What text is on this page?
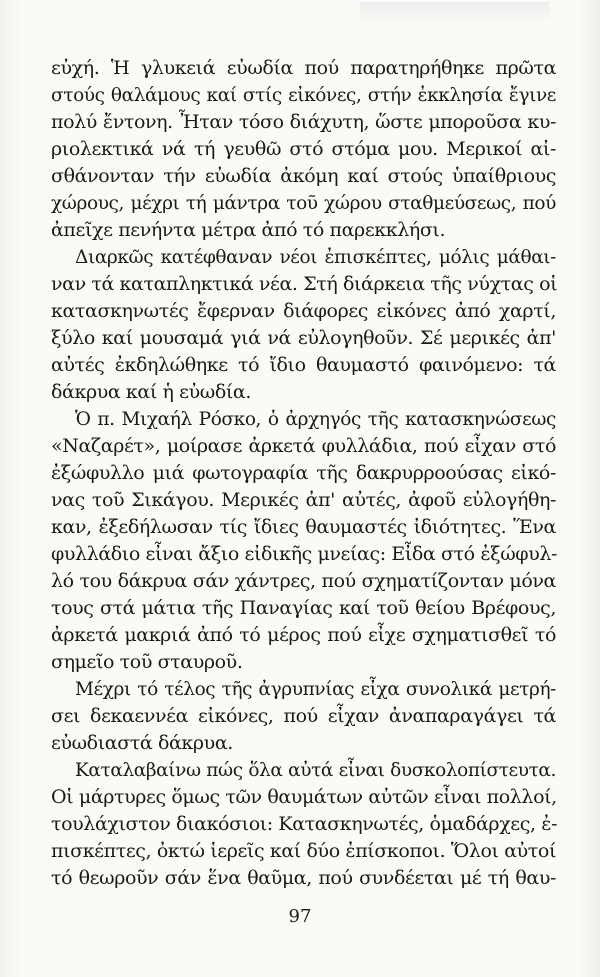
εὐχή. Ἡ γλυκειά εὐωδία πού παρατηρήθηκε πρῶτα
στούς θαλάμους καί στίς εἰκόνες, στήν ἐκκλησία ἔγινε
πολύ ἔντονη. Ἦταν τόσο διάχυτη, ὥστε μποροῦσα κυ-
ριολεκτικά νά τή γευθῶ στό στόμα μου. Μερικοί αἰ-
σθάνονταν τήν εὐωδία ἀκόμη καί στούς ὑπαίθριους
χώρους, μέχρι τή μάντρα τοῦ χώρου σταθμεύσεως, πού
ἀπεῖχε πενήντα μέτρα ἀπό τό παρεκκλήσι.
Διαρκῶς κατέφθαναν νέοι ἐπισκέπτες, μόλις μάθαι-
ναν τά καταπληκτικά νέα. Στή διάρκεια τῆς νύχτας οἱ
κατασκηνωτές ἔφερναν διάφορες εἰκόνες ἀπό χαρτί,
ξύλο καί μουσαμά γιά νά εὐλογηθοῦν. Σέ μερικές ἀπ'
αὐτές ἐκδηλώθηκε τό ἴδιο θαυμαστό φαινόμενο: τά
δάκρυα καί ἡ εὐωδία.
Ὁ π. Μιχαήλ Ρόσκο, ὁ ἀρχηγός τῆς κατασκηνώσεως
«Ναζαρέτ», μοίρασε ἀρκετά φυλλάδια, πού εἶχαν στό
ἐξώφυλλο μιά φωτογραφία τῆς δακρυρροούσας εἰκό-
νας τοῦ Σικάγου. Μερικές ἀπ' αὐτές, ἀφοῦ εὐλογήθη-
καν, ἐξεδήλωσαν τίς ἴδιες θαυμαστές ἰδιότητες. Ἕνα
φυλλάδιο εἶναι ἄξιο εἰδικῆς μνείας: Εἶδα στό ἐξώφυλ-
λό του δάκρυα σάν χάντρες, πού σχηματίζονταν μόνα
τους στά μάτια τῆς Παναγίας καί τοῦ θείου Βρέφους,
ἀρκετά μακριά ἀπό τό μέρος πού εἶχε σχηματισθεῖ τό
σημεῖο τοῦ σταυροῦ.
Μέχρι τό τέλος τῆς ἀγρυπνίας εἶχα συνολικά μετρή-
σει δεκαεννέα εἰκόνες, πού εἶχαν ἀναπαραγάγει τά
εὐωδιαστά δάκρυα.
Καταλαβαίνω πώς ὅλα αὐτά εἶναι δυσκολοπίστευτα.
Οἱ μάρτυρες ὅμως τῶν θαυμάτων αὐτῶν εἶναι πολλοί,
τουλάχιστον διακόσιοι: Κατασκηνωτές, ὁμαδάρχες, ἐ-
πισκέπτες, ὀκτώ ἱερεῖς καί δύο ἐπίσκοποι. Ὅλοι αὐτοί
τό θεωροῦν σάν ἕνα θαῦμα, πού συνδέεται μέ τή θαυ-
97
